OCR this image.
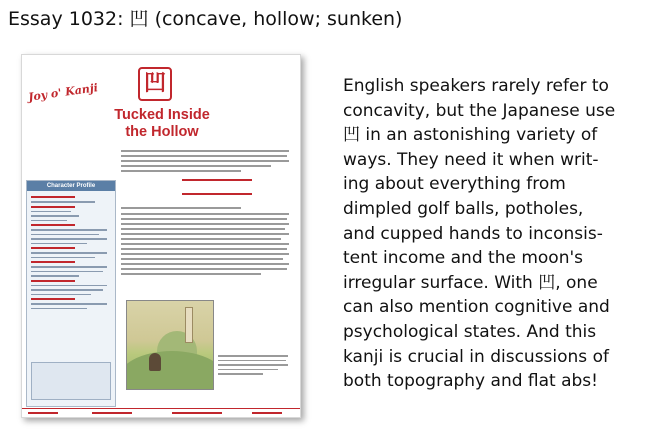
Essay 1032: 凹 (concave, hollow; sunken)
Joy o' Kanji 凹
Tucked Inside
the Hollow
Character Profile
English speakers rarely refer to
concavity, but the Japanese use
凹 in an astonishing variety of
ways. They need it when writ-
ing about everything from
dimpled golf balls, potholes,
and cupped hands to inconsis-
tent income and the moon's
irregular surface. With 凹, one
can also mention cognitive and
psychological states. And this
kanji is crucial in discussions of
both topography and flat abs!
